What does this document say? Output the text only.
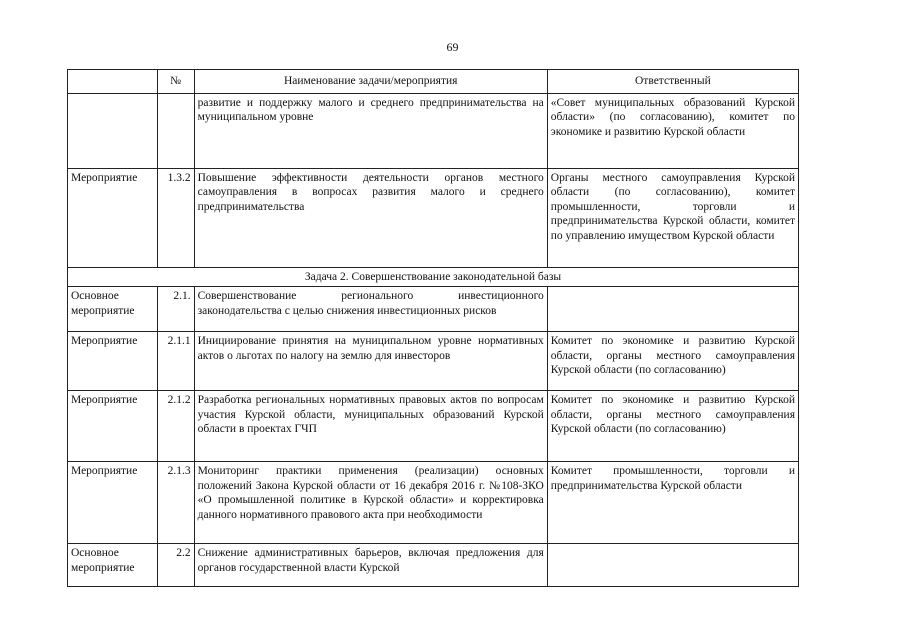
69
	№	Наименование задачи/мероприятия	Ответственный
		развитие и поддержку малого и среднего предпринимательства на муниципальном уровне	«Совет муниципальных образований Курской области» (по согласованию), комитет по экономике и развитию Курской области
Мероприятие	1.3.2	Повышение эффективности деятельности органов местного самоуправления в вопросах развития малого и среднего предпринимательства	Органы местного самоуправления Курской области (по согласованию), комитет промышленности, торговли и предпринимательства Курской области, комитет по управлению имуществом Курской области
Задача 2. Совершенствование законодательной базы			
Основное мероприятие	2.1.	Совершенствование регионального инвестиционного законодательства с целью снижения инвестиционных рисков	
Мероприятие	2.1.1	Инициирование принятия на муниципальном уровне нормативных актов о льготах по налогу на землю для инвесторов	Комитет по экономике и развитию Курской области, органы местного самоуправления Курской области (по согласованию)
Мероприятие	2.1.2	Разработка региональных нормативных правовых актов по вопросам участия Курской области, муниципальных образований Курской области в проектах ГЧП	Комитет по экономике и развитию Курской области, органы местного самоуправления Курской области (по согласованию)
Мероприятие	2.1.3	Мониторинг практики применения (реализации) основных положений Закона Курской области от 16 декабря 2016 г. №108-ЗКО «О промышленной политике в Курской области» и корректировка данного нормативного правового акта при необходимости	Комитет промышленности, торговли и предпринимательства Курской области
Основное мероприятие	2.2	Снижение административных барьеров, включая предложения для органов государственной власти Курской	
